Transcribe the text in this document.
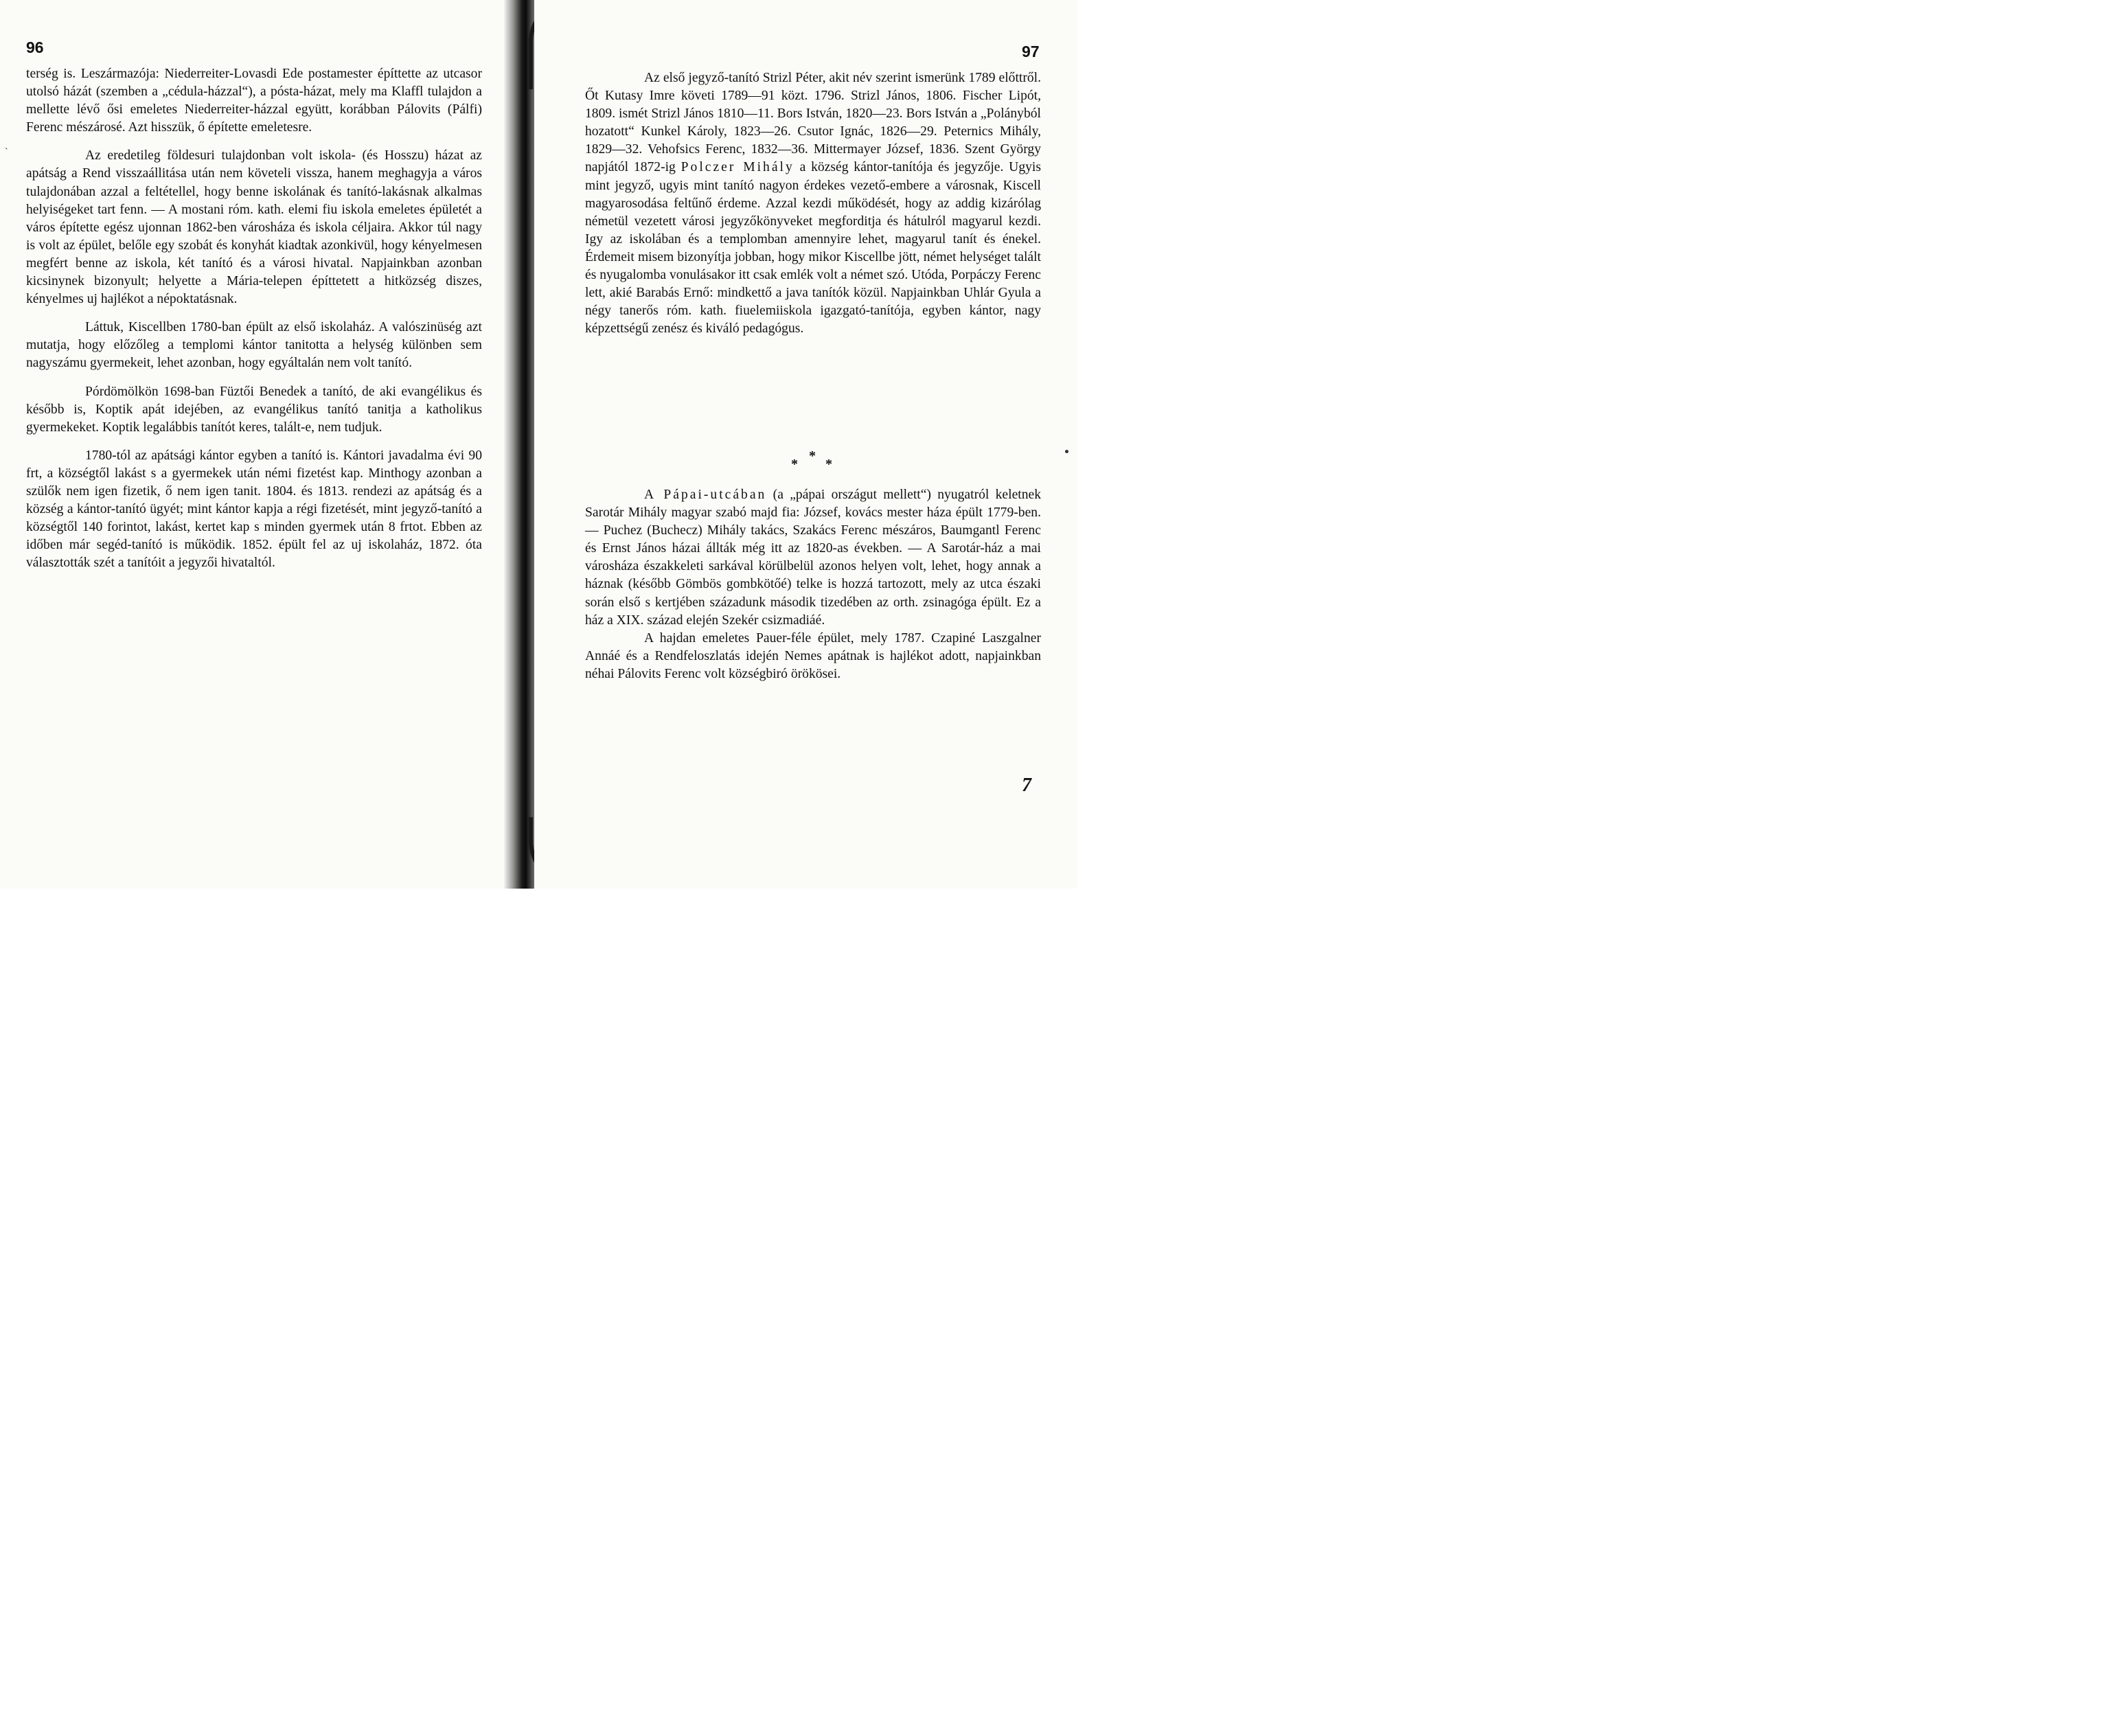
96
ˋ

terség is. Leszármazója: Niederreiter-Lovasdi Ede postamester építtette az utcasor utolsó házát (szemben a „cédula-házzal“), a pósta-házat, mely ma Klaffl tulajdon a mellette lévő ősi emeletes Niederreiter-házzal együtt, korábban Pálovits (Pálfi) Ferenc mészárosé. Azt hisszük, ő építette emeletesre.

Az eredetileg földesuri tulajdonban volt iskola- (és Hosszu) házat az apátság a Rend visszaállitása után nem követeli vissza, hanem meghagyja a város tulajdonában azzal a feltétellel, hogy benne iskolának és tanító-lakásnak alkalmas helyiségeket tart fenn. — A mostani róm. kath. elemi fiu iskola emeletes épületét a város építette egész ujonnan 1862-ben városháza és iskola céljaira. Akkor túl nagy is volt az épület, belőle egy szobát és konyhát kiadtak azonkivül, hogy kényelmesen megfért benne az iskola, két tanító és a városi hivatal. Napjainkban azonban kicsinynek bizonyult; helyette a Mária-telepen építtetett a hitközség diszes, kényelmes uj hajlékot a népoktatásnak.

Láttuk, Kiscellben 1780-ban épült az első iskolaház. A valószinüség azt mutatja, hogy előzőleg a templomi kántor tanitotta a helység különben sem nagyszámu gyermekeit, lehet azonban, hogy egyáltalán nem volt tanító.

Pórdömölkön 1698-ban Füztői Benedek a tanító, de aki evangélikus és később is, Koptik apát idejében, az evangélikus tanító tanitja a katholikus gyermekeket. Koptik legalábbis tanítót keres, talált-e, nem tudjuk.

1780-tól az apátsági kántor egyben a tanító is. Kántori javadalma évi 90 frt, a községtől lakást s a gyermekek után némi fizetést kap. Minthogy azonban a szülők nem igen fizetik, ő nem igen tanit. 1804. és 1813. rendezi az apátság és a község a kántor-tanító ügyét; mint kántor kapja a régi fizetését, mint jegyző-tanító a községtől 140 forintot, lakást, kertet kap s minden gyermek után 8 frtot. Ebben az időben már segéd-tanító is működik. 1852. épült fel az uj iskolaház, 1872. óta választották szét a tanítóit a jegyzői hivataltól.

97

Az első jegyző-tanító Strizl Péter, akit név szerint ismerünk 1789 előttről. Őt Kutasy Imre követi 1789—91 közt. 1796. Strizl János, 1806. Fischer Lipót, 1809. ismét Strizl János 1810—11. Bors István, 1820—23. Bors István a „Polányból hozatott“ Kunkel Károly, 1823—26. Csutor Ignác, 1826—29. Peternics Mihály, 1829—32. Vehofsics Ferenc, 1832—36. Mittermayer József, 1836. Szent György napjától 1872-ig Polczer Mihály a község kántor-tanítója és jegyzője. Ugyis mint jegyző, ugyis mint tanító nagyon érdekes vezető-embere a városnak, Kiscell magyarosodása feltűnő érdeme. Azzal kezdi működését, hogy az addig kizárólag németül vezetett városi jegyzőkönyveket megforditja és hátulról magyarul kezdi. Igy az iskolában és a templomban amennyire lehet, magyarul tanít és énekel. Érdemeit misem bizonyítja jobban, hogy mikor Kiscellbe jött, német helységet talált és nyugalomba vonulásakor itt csak emlék volt a német szó. Utóda, Porpáczy Ferenc lett, akié Barabás Ernő: mindkettő a java tanítók közül. Napjainkban Uhlár Gyula a négy tanerős róm. kath. fiuelemiiskola igazgató-tanítója, egyben kántor, nagy képzettségű zenész és kiváló pedagógus.

*
*
*

A Pápai-utcában (a „pápai országut mellett“) nyugatról keletnek Sarotár Mihály magyar szabó majd fia: József, kovács mester háza épült 1779-ben. — Puchez (Buchecz) Mihály takács, Szakács Ferenc mészáros, Baumgantl Ferenc és Ernst János házai állták még itt az 1820-as években. — A Sarotár-ház a mai városháza északkeleti sarkával körülbelül azonos helyen volt, lehet, hogy annak a háznak (később Gömbös gombkötőé) telke is hozzá tartozott, mely az utca északi során első s kertjében századunk második tizedében az orth. zsinagóga épült. Ez a ház a XIX. század elején Szekér csizmadiáé.

A hajdan emeletes Pauer-féle épület, mely 1787. Czapiné Laszgalner Annáé és a Rendfeloszlatás idején Nemes apátnak is hajlékot adott, napjainkban néhai Pálovits Ferenc volt községbiró örökösei.

7
